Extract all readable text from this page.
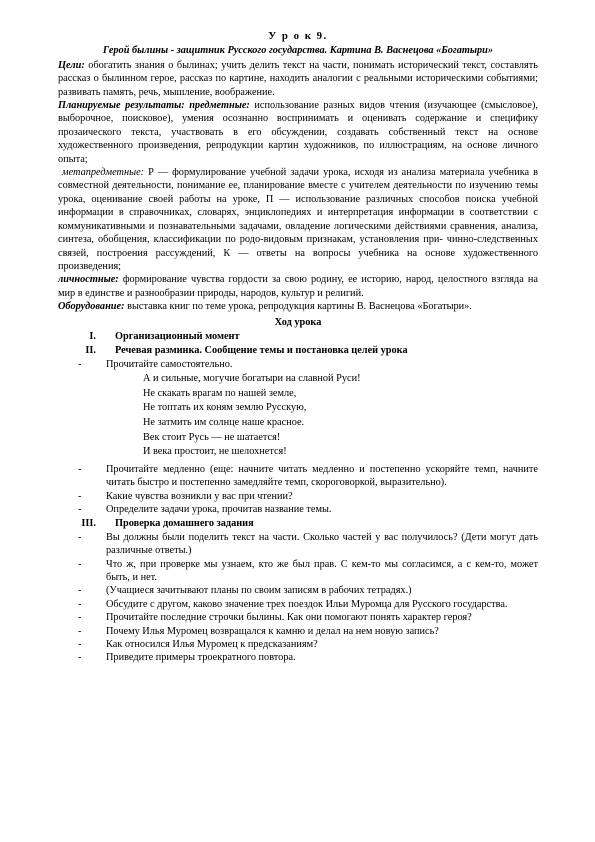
У р о к 9.
Герой былины - защитник Русского государства. Картина В. Васнецова «Богатыри»

Цели: обогатить знания о былинах; учить делить текст на части, понимать исторический текст, составлять рассказ о былинном герое, рассказ по картине, находить аналогии с реальными историческими событиями; развивать память, речь, мышление, воображение.

Планируемые результаты: предметные: использование разных видов чтения (изучающее (смысловое), выборочное, поисковое), умения осознанно воспринимать и оценивать содержание и специфику прозаического текста, участвовать в его обсуждении, создавать собственный текст на основе художественного произведения, репродукции картин художников, по иллюстрациям, на основе личного опыта;

метапредметные: Р — формулирование учебной задачи урока, исходя из анализа материала учебника в совместной деятельности, понимание ее, планирование вместе с учителем деятельности по изучению темы урока, оценивание своей работы на уроке, П — использование различных способов поиска учебной информации в справочниках, словарях, энциклопедиях и интерпретация информации в соответствии с коммуникативными и познавательными задачами, овладение логическими действиями сравнения, анализа, синтеза, обобщения, классификации по родо-видовым признакам, установления при- чинно-следственных связей, построения рассуждений, К — ответы на вопросы учебника на основе художественного произведения;

личностные: формирование чувства гордости за свою родину, ее историю, народ, целостного взгляда на мир в единстве и разнообразии природы, народов, культур и религий.

Оборудование: выставка книг по теме урока, репродукция картины В. Васнецова «Богатыри».

Ход урока
I.	Организационный момент
II.	Речевая разминка. Сообщение темы и постановка целей урока
-	Прочитайте самостоятельно.
А и сильные, могучие богатыри на славной Руси!
Не скакать врагам по нашей земле,
Не топтать их коням землю Русскую,
Не затмить им солнце наше красное.
Век стоит Русь — не шатается!
И века простоит, не шелохнется!
-	Прочитайте медленно (еще: начните читать медленно и постепенно ускоряйте темп, начните читать быстро и постепенно замедляйте темп, скороговоркой, выразительно).
-	Какие чувства возникли у вас при чтении?
-	Определите задачи урока, прочитав название темы.
III.	Проверка домашнего задания
-	Вы должны были поделить текст на части. Сколько частей у вас получилось? (Дети могут дать различные ответы.)
-	Что ж, при проверке мы узнаем, кто же был прав. С кем-то мы согласимся, а с кем-то, может быть, и нет.
-	(Учащиеся зачитывают планы по своим записям в рабочих тетрадях.)
-	Обсудите с другом, каково значение трех поездок Ильи Муромца для Русского государства.
-	Прочитайте последние строчки былины. Как они помогают понять характер героя?
-	Почему Илья Муромец возвращался к камню и делал на нем новую запись?
-	Как относился Илья Муромец к предсказаниям?
-	Приведите примеры троекратного повтора.
